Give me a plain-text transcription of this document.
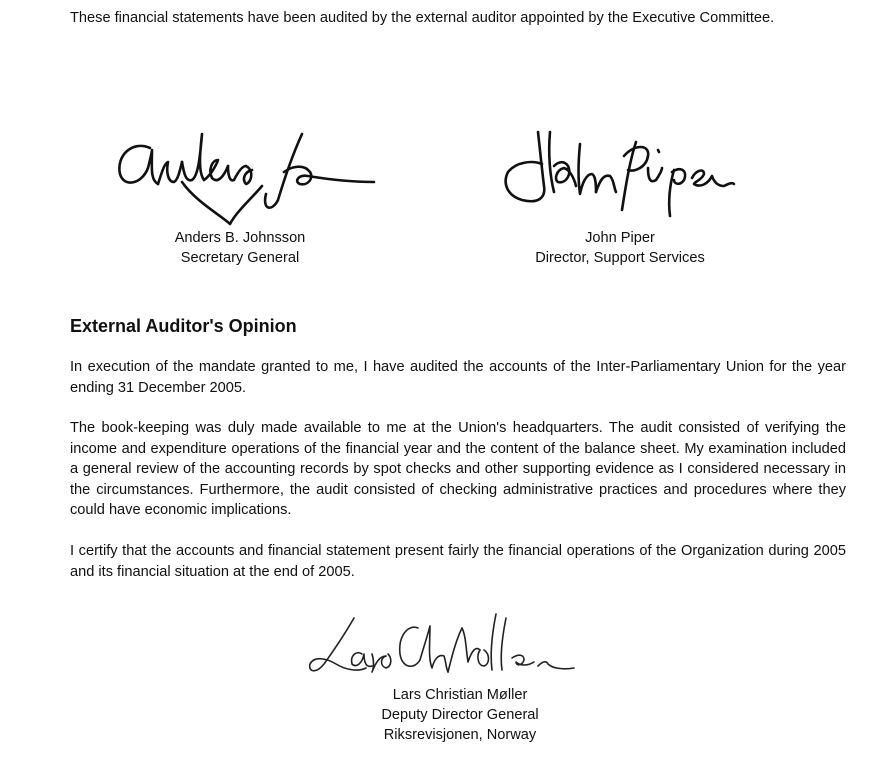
These financial statements have been audited by the external auditor appointed by the Executive Committee.
Anders B. Johnsson
Secretary General
John Piper
Director, Support Services
External Auditor's Opinion

In execution of the mandate granted to me, I have audited the accounts of the Inter-Parliamentary Union for the year ending 31 December 2005.

The book-keeping was duly made available to me at the Union's headquarters. The audit consisted of verifying the income and expenditure operations of the financial year and the content of the balance sheet. My examination included a general review of the accounting records by spot checks and other supporting evidence as I considered necessary in the circumstances. Furthermore, the audit consisted of checking administrative practices and procedures where they could have economic implications.

I certify that the accounts and financial statement present fairly the financial operations of the Organization during 2005 and its financial situation at the end of 2005.

Lars Christian Møller
Deputy Director General
Riksrevisjonen, Norway
